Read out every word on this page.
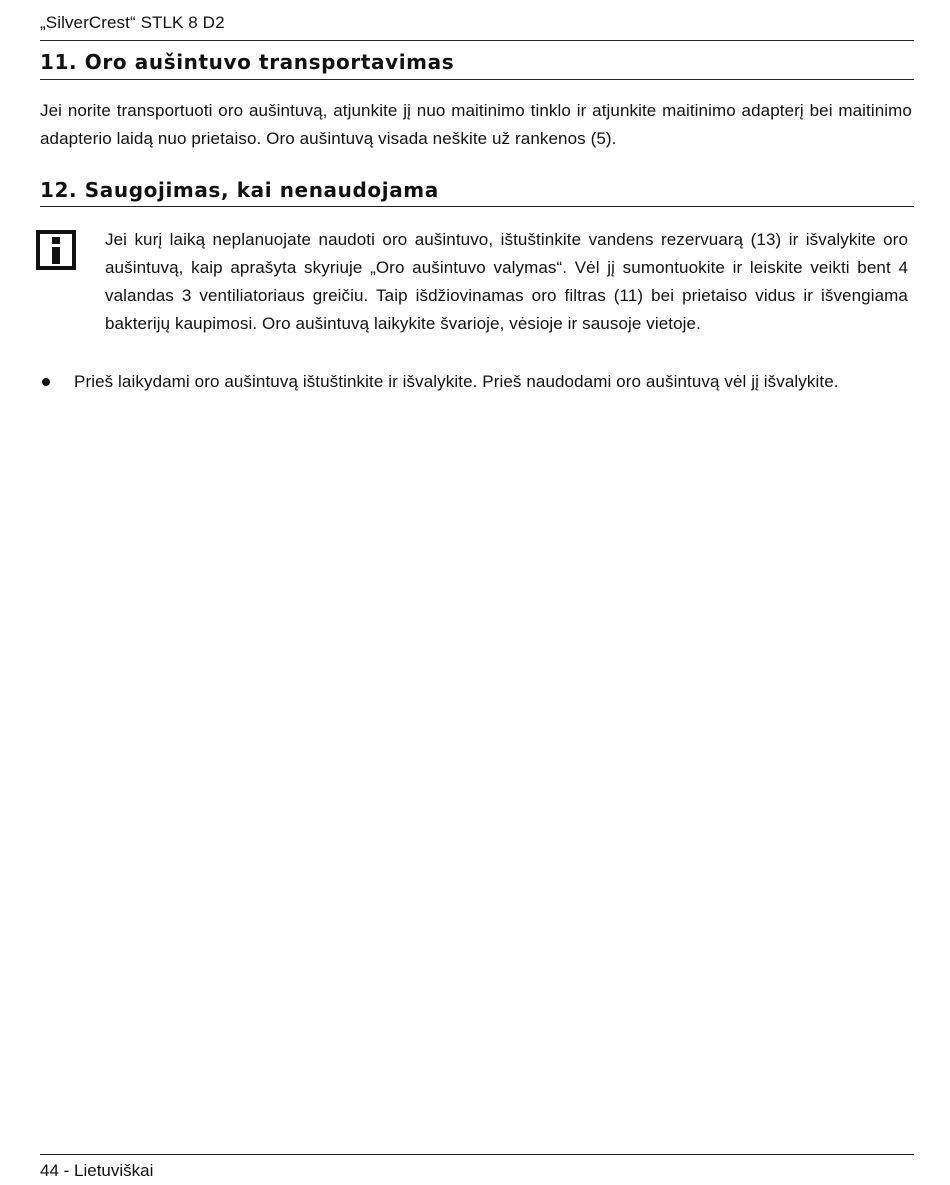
„SilverCrest“ STLK 8 D2
11. Oro aušintuvo transportavimas

Jei norite transportuoti oro aušintuvą, atjunkite jį nuo maitinimo tinklo ir atjunkite maitinimo adapterį bei maitinimo adapterio laidą nuo prietaiso. Oro aušintuvą visada neškite už rankenos (5).

12. Saugojimas, kai nenaudojama

Jei kurį laiką neplanuojate naudoti oro aušintuvo, ištuštinkite vandens rezervuarą (13) ir išvalykite oro aušintuvą, kaip aprašyta skyriuje „Oro aušintuvo valymas“. Vėl jį sumontuokite ir leiskite veikti bent 4 valandas 3 ventiliatoriaus greičiu. Taip išdžiovinamas oro filtras (11) bei prietaiso vidus ir išvengiama bakterijų kaupimosi. Oro aušintuvą laikykite švarioje, vėsioje ir sausoje vietoje.

Prieš laikydami oro aušintuvą ištuštinkite ir išvalykite. Prieš naudodami oro aušintuvą vėl jį išvalykite.
44 - Lietuviškai
